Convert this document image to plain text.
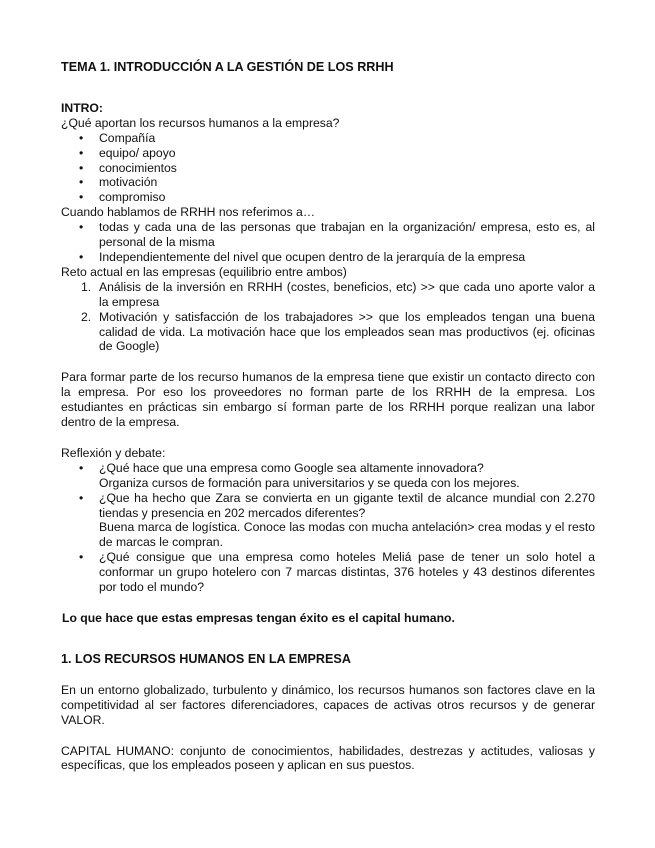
TEMA 1. INTRODUCCIÓN A LA GESTIÓN DE LOS RRHH

INTRO:

¿Qué aportan los recursos humanos a la empresa?

• Compañía
• equipo/ apoyo
• conocimientos
• motivación
• compromiso

Cuando hablamos de RRHH nos referimos a…

• todas y cada una de las personas que trabajan en la organización/ empresa, esto es, al personal de la misma
• Independientemente del nivel que ocupen dentro de la jerarquía de la empresa

Reto actual en las empresas (equilibrio entre ambos)

1. Análisis de la inversión en RRHH (costes, beneficios, etc) >> que cada uno aporte valor a la empresa
2. Motivación y satisfacción de los trabajadores >> que los empleados tengan una buena calidad de vida. La motivación hace que los empleados sean mas productivos (ej. oficinas de Google)

Para formar parte de los recurso humanos de la empresa tiene que existir un contacto directo con la empresa. Por eso los proveedores no forman parte de los RRHH de la empresa. Los estudiantes en prácticas sin embargo sí forman parte de los RRHH porque realizan una labor dentro de la empresa.

Reflexión y debate:

• ¿Qué hace que una empresa como Google sea altamente innovadora?

Organiza cursos de formación para universitarios y se queda con los mejores.

• ¿Que ha hecho que Zara se convierta en un gigante textil de alcance mundial con 2.270 tiendas y presencia en 202 mercados diferentes?

Buena marca de logística. Conoce las modas con mucha antelación> crea modas y el resto de marcas le compran.

• ¿Qué consigue que una empresa como hoteles Meliá pase de tener un solo hotel a conformar un grupo hotelero con 7 marcas distintas, 376 hoteles y 43 destinos diferentes por todo el mundo?

Lo que hace que estas empresas tengan éxito es el capital humano.

1. LOS RECURSOS HUMANOS EN LA EMPRESA

En un entorno globalizado, turbulento y dinámico, los recursos humanos son factores clave en la competitividad al ser factores diferenciadores, capaces de activas otros recursos y de generar VALOR.

CAPITAL HUMANO: conjunto de conocimientos, habilidades, destrezas y actitudes, valiosas y específicas, que los empleados poseen y aplican en sus puestos.
